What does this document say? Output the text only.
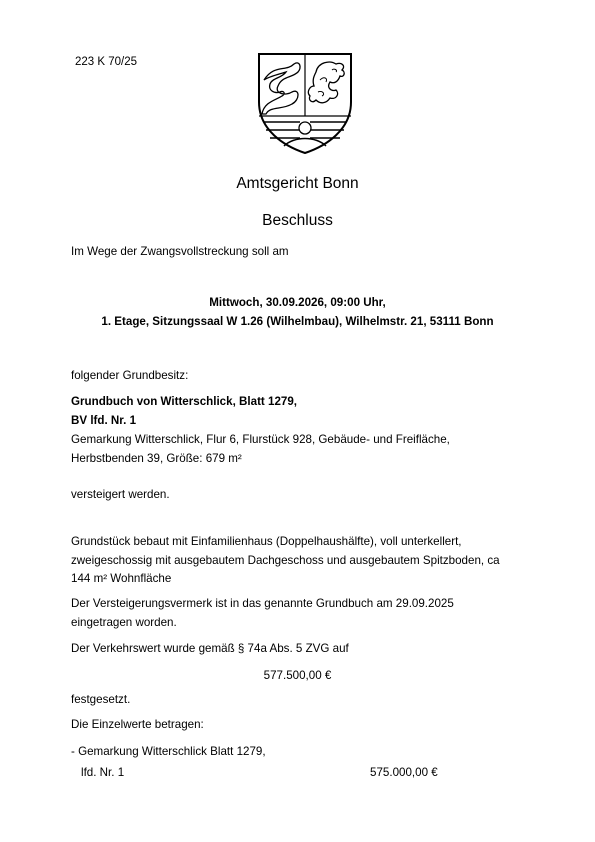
223 K 70/25
Amtsgericht Bonn
Beschluss
Im Wege der Zwangsvollstreckung soll am
Mittwoch, 30.09.2026, 09:00 Uhr,
1. Etage, Sitzungssaal W 1.26 (Wilhelmbau), Wilhelmstr. 21, 53111 Bonn
folgender Grundbesitz:
Grundbuch von Witterschlick, Blatt 1279,
BV lfd. Nr. 1
Gemarkung Witterschlick, Flur 6, Flurstück 928, Gebäude- und Freifläche,
Herbstbenden 39, Größe: 679 m²
versteigert werden.
Grundstück bebaut mit Einfamilienhaus (Doppelhaushälfte), voll unterkellert,
zweigeschossig mit ausgebautem Dachgeschoss und ausgebautem Spitzboden, ca
144 m² Wohnfläche
Der Versteigerungsvermerk ist in das genannte Grundbuch am 29.09.2025
eingetragen worden.
Der Verkehrswert wurde gemäß § 74a Abs. 5 ZVG auf
577.500,00 €
festgesetzt.
Die Einzelwerte betragen:
- Gemarkung Witterschlick Blatt 1279,
lfd. Nr. 1	575.000,00 €
